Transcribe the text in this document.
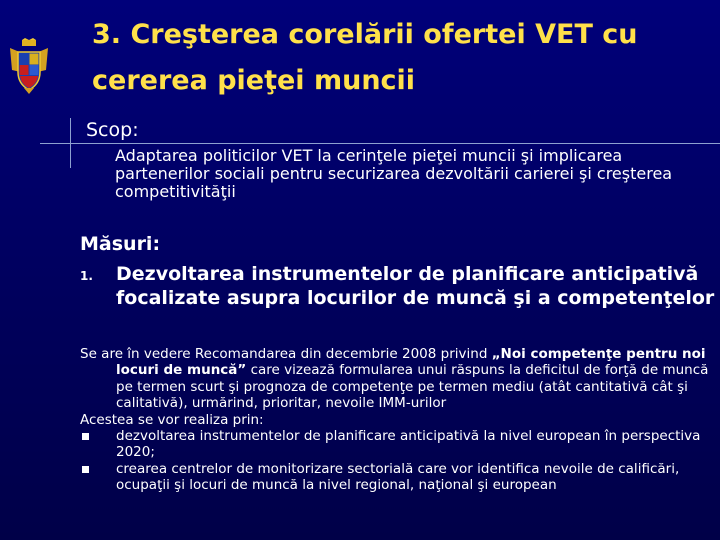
3. Creşterea corelării ofertei VET cu
cererea pieţei muncii
Scop:
Adaptarea politicilor VET la cerinţele pieţei muncii şi implicarea partenerilor sociali pentru securizarea dezvoltării carierei şi creşterea competitivităţii
Măsuri:
1. Dezvoltarea instrumentelor de planificare anticipativă focalizate asupra locurilor de muncă şi a competenţelor

Se are în vedere Recomandarea din decembrie 2008 privind „Noi competenţe pentru noi locuri de muncă” care vizează formularea unui răspuns la deficitul de forţă de muncă pe termen scurt şi prognoza de competenţe pe termen mediu (atât cantitativă cât şi calitativă), urmărind, prioritar, nevoile IMM-urilor

Acestea se vor realiza prin:

dezvoltarea instrumentelor de planificare anticipativă la nivel european în perspectiva 2020;

crearea centrelor de monitorizare sectorială care vor identifica nevoile de calificări, ocupaţii şi locuri de muncă la nivel regional, naţional şi european
